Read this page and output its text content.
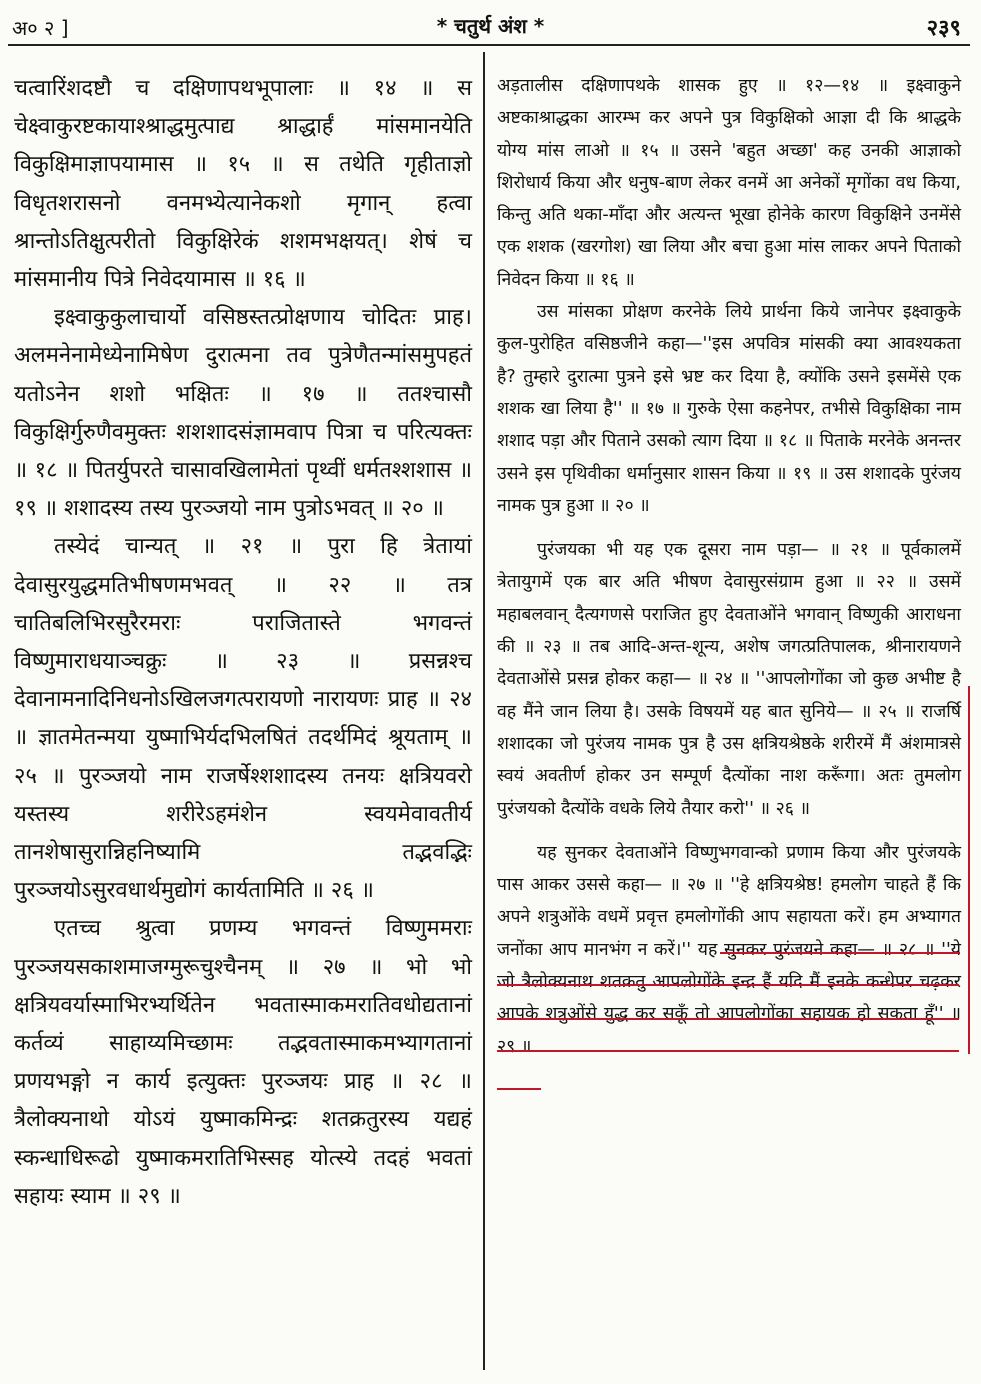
अ० २ ]	* चतुर्थ अंश *	२३९

चत्वारिंशदष्टौ च दक्षिणापथभूपालाः ॥ १४ ॥ स चेक्ष्वाकुरष्टकायाश्श्राद्धमुत्पाद्य श्राद्धार्हं मांसमानयेति विकुक्षिमाज्ञापयामास ॥ १५ ॥ स तथेति गृहीताज्ञो विधृतशरासनो वनमभ्येत्यानेकशो मृगान् हत्वा श्रान्तोऽतिक्षुत्परीतो विकुक्षिरेकं शशमभक्षयत्। शेषं च मांसमानीय पित्रे निवेदयामास ॥ १६ ॥

इक्ष्वाकुकुलाचार्यो वसिष्ठस्तत्प्रोक्षणाय चोदितः प्राह। अलमनेनामेध्येनामिषेण दुरात्मना तव पुत्रेणैतन्मांसमुपहतं यतोऽनेन शशो भक्षितः ॥ १७ ॥ ततश्चासौ विकुक्षिर्गुरुणैवमुक्तः शशशादसंज्ञामवाप पित्रा च परित्यक्तः ॥ १८ ॥ पितर्युपरते चासावखिलामेतां पृथ्वीं धर्मतश्शशास ॥ १९ ॥ शशादस्य तस्य पुरञ्जयो नाम पुत्रोऽभवत् ॥ २० ॥

तस्येदं चान्यत् ॥ २१ ॥ पुरा हि त्रेतायां देवासुरयुद्धमतिभीषणमभवत् ॥ २२ ॥ तत्र चातिबलिभिरसुरैरमराः पराजितास्ते भगवन्तं विष्णुमाराधयाञ्चक्रुः ॥ २३ ॥ प्रसन्नश्च देवानामनादिनिधनोऽखिलजगत्परायणो नारायणः प्राह ॥ २४ ॥ ज्ञातमेतन्मया युष्माभिर्यदभिलषितं तदर्थमिदं श्रूयताम् ॥ २५ ॥ पुरञ्जयो नाम राजर्षेश्शशादस्य तनयः क्षत्रियवरो यस्तस्य शरीरेऽहमंशेन स्वयमेवावतीर्य तानशेषासुरान्निहनिष्यामि तद्भवद्भिः पुरञ्जयोऽसुरवधार्थमुद्योगं कार्यतामिति ॥ २६ ॥

एतच्च श्रुत्वा प्रणम्य भगवन्तं विष्णुममराः पुरञ्जयसकाशमाजग्मुरूचुश्चैनम् ॥ २७ ॥ भो भो क्षत्रियवर्यास्माभिरभ्यर्थितेन भवतास्माकमरातिवधोद्यतानां कर्तव्यं साहाय्यमिच्छामः तद्भवतास्माकमभ्यागतानां प्रणयभङ्गो न कार्य इत्युक्तः पुरञ्जयः प्राह ॥ २८ ॥ त्रैलोक्यनाथो योऽयं युष्माकमिन्द्रः शतक्रतुरस्य यद्यहं स्कन्धाधिरूढो युष्माकमरातिभिस्सह योत्स्ये तदहं भवतां सहायः स्याम ॥ २९ ॥

अड़तालीस दक्षिणापथके शासक हुए ॥ १२—१४ ॥ इक्ष्वाकुने अष्टकाश्राद्धका आरम्भ कर अपने पुत्र विकुक्षिको आज्ञा दी कि श्राद्धके योग्य मांस लाओ ॥ १५ ॥ उसने 'बहुत अच्छा' कह उनकी आज्ञाको शिरोधार्य किया और धनुष-बाण लेकर वनमें आ अनेकों मृगोंका वध किया, किन्तु अति थका-माँदा और अत्यन्त भूखा होनेके कारण विकुक्षिने उनमेंसे एक शशक (खरगोश) खा लिया और बचा हुआ मांस लाकर अपने पिताको निवेदन किया ॥ १६ ॥

उस मांसका प्रोक्षण करनेके लिये प्रार्थना किये जानेपर इक्ष्वाकुके कुल-पुरोहित वसिष्ठजीने कहा—''इस अपवित्र मांसकी क्या आवश्यकता है? तुम्हारे दुरात्मा पुत्रने इसे भ्रष्ट कर दिया है, क्योंकि उसने इसमेंसे एक शशक खा लिया है'' ॥ १७ ॥ गुरुके ऐसा कहनेपर, तभीसे विकुक्षिका नाम शशाद पड़ा और पिताने उसको त्याग दिया ॥ १८ ॥ पिताके मरनेके अनन्तर उसने इस पृथिवीका धर्मानुसार शासन किया ॥ १९ ॥ उस शशादके पुरंजय नामक पुत्र हुआ ॥ २० ॥

पुरंजयका भी यह एक दूसरा नाम पड़ा— ॥ २१ ॥ पूर्वकालमें त्रेतायुगमें एक बार अति भीषण देवासुरसंग्राम हुआ ॥ २२ ॥ उसमें महाबलवान् दैत्यगणसे पराजित हुए देवताओंने भगवान् विष्णुकी आराधना की ॥ २३ ॥ तब आदि-अन्त-शून्य, अशेष जगत्प्रतिपालक, श्रीनारायणने देवताओंसे प्रसन्न होकर कहा— ॥ २४ ॥ ''आपलोगोंका जो कुछ अभीष्ट है वह मैंने जान लिया है। उसके विषयमें यह बात सुनिये— ॥ २५ ॥ राजर्षि शशादका जो पुरंजय नामक पुत्र है उस क्षत्रियश्रेष्ठके शरीरमें मैं अंशमात्रसे स्वयं अवतीर्ण होकर उन सम्पूर्ण दैत्योंका नाश करूँगा। अतः तुमलोग पुरंजयको दैत्योंके वधके लिये तैयार करो'' ॥ २६ ॥

यह सुनकर देवताओंने विष्णुभगवान्को प्रणाम किया और पुरंजयके पास आकर उससे कहा— ॥ २७ ॥ ''हे क्षत्रियश्रेष्ठ! हमलोग चाहते हैं कि अपने शत्रुओंके वधमें प्रवृत्त हमलोगोंकी आप सहायता करें। हम अभ्यागत जनोंका आप मानभंग न करें।'' यह सुनकर पुरंजयने कहा— ॥ २८ ॥ ''ये जो त्रैलोक्यनाथ शतक्रतु आपलोगोंके इन्द्र हैं यदि मैं इनके कन्धेपर चढ़कर आपके शत्रुओंसे युद्ध कर सकूँ तो आपलोगोंका सहायक हो सकता हूँ'' ॥ २९ ॥
